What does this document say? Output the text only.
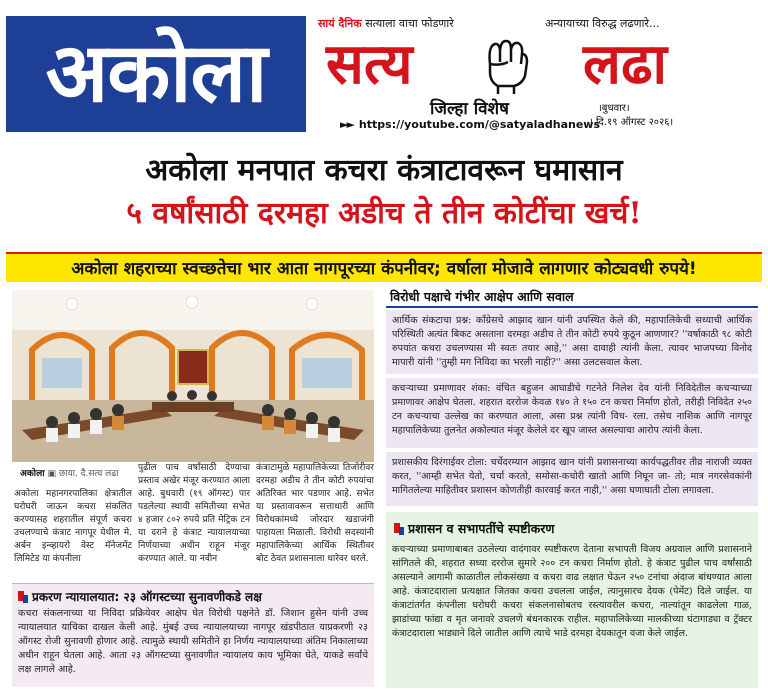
अकोला
सायं दैनिक सत्याला वाचा फोडणारे	अन्यायाच्या विरुद्ध लढणारे...
सत्य	लढा
जिल्हा विशेष	।बुधवार।
। दि.१९ ऑगस्ट २०२६।
►► https://youtube.com/@satyaladhanews
अकोला मनपात कचरा कंत्राटावरून घमासान
५ वर्षांसाठी दरमहा अडीच ते तीन कोटींचा खर्च!
अकोला शहराच्या स्वच्छतेचा भार आता नागपूरच्या कंपनीवर; वर्षाला मोजावे लागणार कोट्यवधी रुपये!
अकोला ▣ छाया. दै.सत्य लढा
अकोला महानगरपालिका क्षेत्रातील घरोघरी जाऊन कचरा संकलित करण्यासह शहरातील संपूर्ण कचरा उचलण्याचे कंत्राट नागपूर येथील मे. अर्बन इन्व्हायरो वेस्ट मॅनेजमेंट लिमिटेड या कंपनीला
पुढील पाच वर्षांसाठी देण्याचा प्रस्ताव अखेर मंजूर करण्यात आला आहे. बुधवारी (१९ ऑगस्ट) पार पडलेल्या स्थायी समितीच्या सभेत ४ हजार ८०२ रुपये प्रति मेट्रिक टन या दराने हे कंत्राट न्यायालयाच्या निर्णयाच्या अधीन राहून मंजूर करण्यात आले. या नवीन
कंत्राटामुळे महापालिकेच्या तिजोरीवर दरमहा अडीच ते तीन कोटी रुपयांचा अतिरिक्त भार पडणार आहे. सभेत या प्रस्तावावरून सत्ताधारी आणि विरोधकांमध्ये जोरदार खडाजंगी पाहायला मिळाली. विरोधी सदस्यांनी महापालिकेच्या आर्थिक स्थितीवर बोट ठेवत प्रशासनाला धारेवर धरले.
प्रकरण न्यायालयात: २३ ऑगस्टच्या सुनावणीकडे लक्ष
कचरा संकलनाच्या या निविदा प्रक्रियेवर आक्षेप घेत विरोधी पक्षनेते डॉ. जिशान हुसेन यांनी उच्च न्यायालयात याचिका दाखल केली आहे. मुंबई उच्च न्यायालयाच्या नागपूर खंडपीठात याप्रकरणी २३ ऑगस्ट रोजी सुनावणी होणार आहे. त्यामुळे स्थायी समितीने हा निर्णय न्यायालयाच्या अंतिम निकालाच्या अधीन राहून घेतला आहे. आता २३ ऑगस्टच्या सुनावणीत न्यायालय काय भूमिका घेते, याकडे सर्वांचे लक्ष लागले आहे.
विरोधी पक्षाचे गंभीर आक्षेप आणि सवाल
आर्थिक संकटाचा प्रश्न: काँग्रेसचे आझाद खान यांनी उपस्थित केले की, महापालिकेची सध्याची आर्थिक परिस्थिती अत्यंत बिकट असताना दरमहा अडीच ते तीन कोटी रुपये कुठून आणणार? ''वर्षाकाठी ९८ कोटी रुपयांत कचरा उचलण्यास मी स्वतः तयार आहे,'' असा दावाही त्यांनी केला. त्यावर भाजपच्या विनोद मापारी यांनी ''तुम्ही मग निविदा का भरली नाही?'' असा उलटसवाल केला.
कचऱ्याच्या प्रमाणावर शंका: वंचित बहुजन आघाडीचे गटनेते निलेश देव यांनी निविदेतील कचऱ्याच्या प्रमाणावर आक्षेप घेतला. शहरात दररोज केवळ १४० ते १५० टन कचरा निर्माण होतो, तरीही निविदेत २५० टन कचऱ्याचा उल्लेख का करण्यात आला, असा प्रश्न त्यांनी विच- रला. तसेच नाशिक आणि नागपूर महापालिकेच्या तुलनेत अकोल्यात मंजूर केलेले दर खूप जास्त असल्याचा आरोप त्यांनी केला.
प्रशासकीय दिरंगाईवर टोला: चर्चेदरम्यान आझाद खान यांनी प्रशासनाच्या कार्यपद्धतीवर तीव्र नाराजी व्यक्त करत, ''आम्ही सभेत येतो, चर्चा करतो, समोसा-कचोरी खातो आणि निघून जा- तो; मात्र नगरसेवकांनी मागितलेल्या माहितीवर प्रशासन कोणतीही कारवाई करत नाही,'' असा घणाघाती टोला लगावला.
प्रशासन व सभापतींचे स्पष्टीकरण
कचऱ्याच्या प्रमाणाबाबत उठलेल्या वादंगावर स्पष्टीकरण देताना सभापती विजय अग्रवाल आणि प्रशासनाने सांगितले की, शहरात सध्या दररोज सुमारे २०० टन कचरा निर्माण होतो. हे कंत्राट पुढील पाच वर्षांसाठी असल्याने आगामी काळातील लोकसंख्या व कचरा वाढ लक्षात घेऊन २५० टनांचा अंदाज बांधण्यात आला आहे. कंत्राटदाराला प्रत्यक्षात जितका कचरा उचलला जाईल, त्यानुसारच देयक (पेमेंट) दिले जाईल. या कंत्राटांतर्गत कंपनीला घरोघरी कचरा संकलनासोबतच रस्त्यावरील कचरा, नाल्यांतून काढलेला गाळ, झाडांच्या फांद्या व मृत जनावरे उचलणे बंधनकारक राहील. महापालिकेच्या मालकीच्या घंटागाड्या व ट्रॅक्टर कंत्राटदाराला भाड्याने दिले जातील आणि त्याचे भाडे दरमहा देयकातून वजा केले जाईल.
